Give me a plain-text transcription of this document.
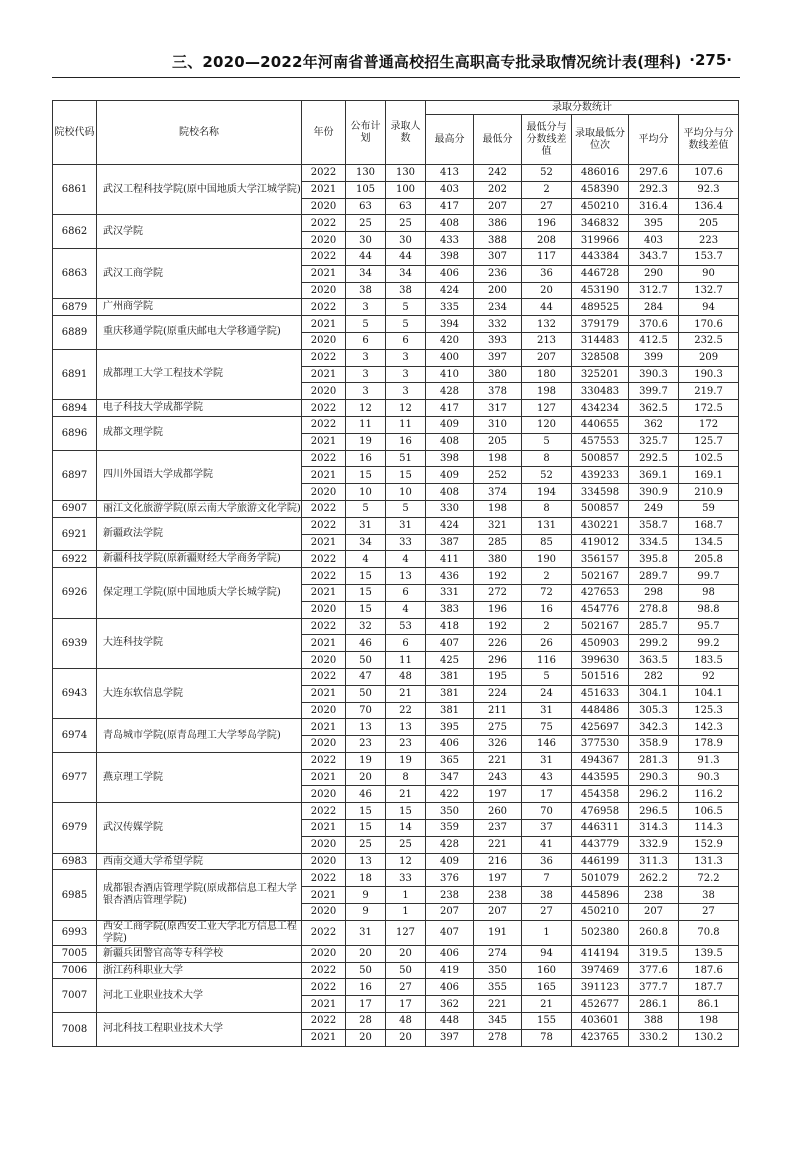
三、2020—2022年河南省普通高校招生高职高专批录取情况统计表(理科) ·275·
院校代码	院校名称	年份	公布计划	录取人数	录取分数统计					
					最高分	最低分	最低分与分数线差值	录取最低分位次	平均分	平均分与分数线差值
6861	武汉工程科技学院(原中国地质大学江城学院)	2022	130	130	413	242	52	486016	297.6	107.6
		2021	105	100	403	202	2	458390	292.3	92.3
		2020	63	63	417	207	27	450210	316.4	136.4
6862	武汉学院	2022	25	25	408	386	196	346832	395	205
		2020	30	30	433	388	208	319966	403	223
6863	武汉工商学院	2022	44	44	398	307	117	443384	343.7	153.7
		2021	34	34	406	236	36	446728	290	90
		2020	38	38	424	200	20	453190	312.7	132.7
6879	广州商学院	2022	3	5	335	234	44	489525	284	94
6889	重庆移通学院(原重庆邮电大学移通学院)	2021	5	5	394	332	132	379179	370.6	170.6
		2020	6	6	420	393	213	314483	412.5	232.5
6891	成都理工大学工程技术学院	2022	3	3	400	397	207	328508	399	209
		2021	3	3	410	380	180	325201	390.3	190.3
		2020	3	3	428	378	198	330483	399.7	219.7
6894	电子科技大学成都学院	2022	12	12	417	317	127	434234	362.5	172.5
6896	成都文理学院	2022	11	11	409	310	120	440655	362	172
		2021	19	16	408	205	5	457553	325.7	125.7
6897	四川外国语大学成都学院	2022	16	51	398	198	8	500857	292.5	102.5
		2021	15	15	409	252	52	439233	369.1	169.1
		2020	10	10	408	374	194	334598	390.9	210.9
6907	丽江文化旅游学院(原云南大学旅游文化学院)	2022	5	5	330	198	8	500857	249	59
6921	新疆政法学院	2022	31	31	424	321	131	430221	358.7	168.7
		2021	34	33	387	285	85	419012	334.5	134.5
6922	新疆科技学院(原新疆财经大学商务学院)	2022	4	4	411	380	190	356157	395.8	205.8
6926	保定理工学院(原中国地质大学长城学院)	2022	15	13	436	192	2	502167	289.7	99.7
		2021	15	6	331	272	72	427653	298	98
		2020	15	4	383	196	16	454776	278.8	98.8
6939	大连科技学院	2022	32	53	418	192	2	502167	285.7	95.7
		2021	46	6	407	226	26	450903	299.2	99.2
		2020	50	11	425	296	116	399630	363.5	183.5
6943	大连东软信息学院	2022	47	48	381	195	5	501516	282	92
		2021	50	21	381	224	24	451633	304.1	104.1
		2020	70	22	381	211	31	448486	305.3	125.3
6974	青岛城市学院(原青岛理工大学琴岛学院)	2021	13	13	395	275	75	425697	342.3	142.3
		2020	23	23	406	326	146	377530	358.9	178.9
6977	燕京理工学院	2022	19	19	365	221	31	494367	281.3	91.3
		2021	20	8	347	243	43	443595	290.3	90.3
		2020	46	21	422	197	17	454358	296.2	116.2
6979	武汉传媒学院	2022	15	15	350	260	70	476958	296.5	106.5
		2021	15	14	359	237	37	446311	314.3	114.3
		2020	25	25	428	221	41	443779	332.9	152.9
6983	西南交通大学希望学院	2020	13	12	409	216	36	446199	311.3	131.3
6985	成都银杏酒店管理学院(原成都信息工程大学银杏酒店管理学院)	2022	18	33	376	197	7	501079	262.2	72.2
		2021	9	1	238	238	38	445896	238	38
		2020	9	1	207	207	27	450210	207	27
6993	西安工商学院(原西安工业大学北方信息工程学院)	2022	31	127	407	191	1	502380	260.8	70.8
7005	新疆兵团警官高等专科学校	2020	20	20	406	274	94	414194	319.5	139.5
7006	浙江药科职业大学	2022	50	50	419	350	160	397469	377.6	187.6
7007	河北工业职业技术大学	2022	16	27	406	355	165	391123	377.7	187.7
		2021	17	17	362	221	21	452677	286.1	86.1
7008	河北科技工程职业技术大学	2022	28	48	448	345	155	403601	388	198
		2021	20	20	397	278	78	423765	330.2	130.2
